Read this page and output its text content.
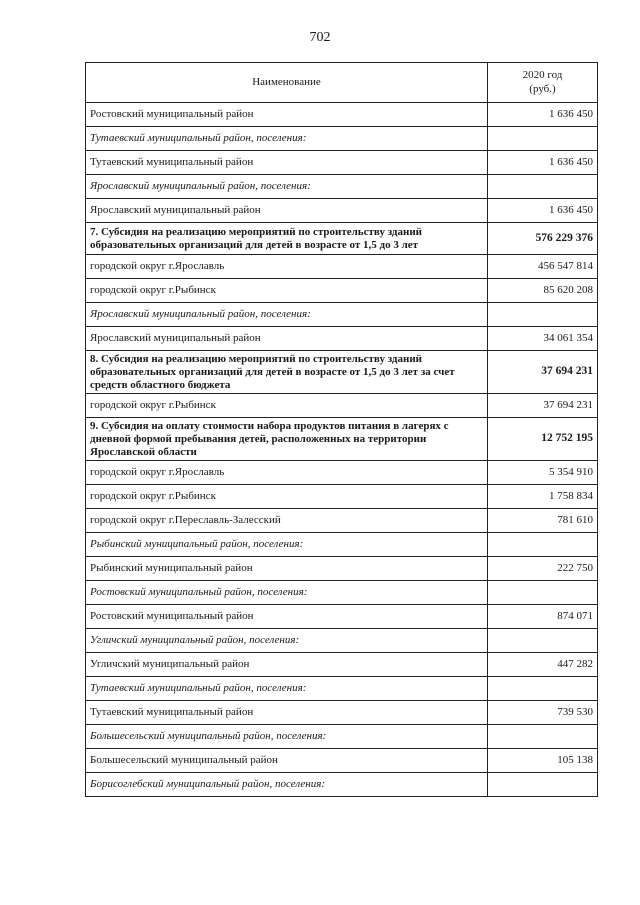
702
Наименование	2020 год
(руб.)

Ростовский муниципальный район	1 636 450
Тутаевский муниципальный район, поселения:	
Тутаевский муниципальный район	1 636 450
Ярославский муниципальный район, поселения:	
Ярославский муниципальный район	1 636 450
7. Субсидия на реализацию мероприятий по строительству зданий образовательных организаций для детей в возрасте от 1,5 до 3 лет	576 229 376
городской округ г.Ярославль	456 547 814
городской округ г.Рыбинск	85 620 208
Ярославский муниципальный район, поселения:	
Ярославский муниципальный район	34 061 354
8. Субсидия на реализацию мероприятий по строительству зданий образовательных организаций для детей в возрасте от 1,5 до 3 лет за счет средств областного бюджета	37 694 231
городской округ г.Рыбинск	37 694 231
9. Субсидия на оплату стоимости набора продуктов питания в лагерях с дневной формой пребывания детей, расположенных на территории Ярославской области	12 752 195
городской округ г.Ярославль	5 354 910
городской округ г.Рыбинск	1 758 834
городской округ г.Переславль-Залесский	781 610
Рыбинский муниципальный район, поселения:	
Рыбинский муниципальный район	222 750
Ростовский муниципальный район, поселения:	
Ростовский муниципальный район	874 071
Угличский муниципальный район, поселения:	
Угличский муниципальный район	447 282
Тутаевский муниципальный район, поселения:	
Тутаевский муниципальный район	739 530
Большесельский муниципальный район, поселения:	
Большесельский муниципальный район	105 138
Борисоглебский муниципальный район, поселения:	
